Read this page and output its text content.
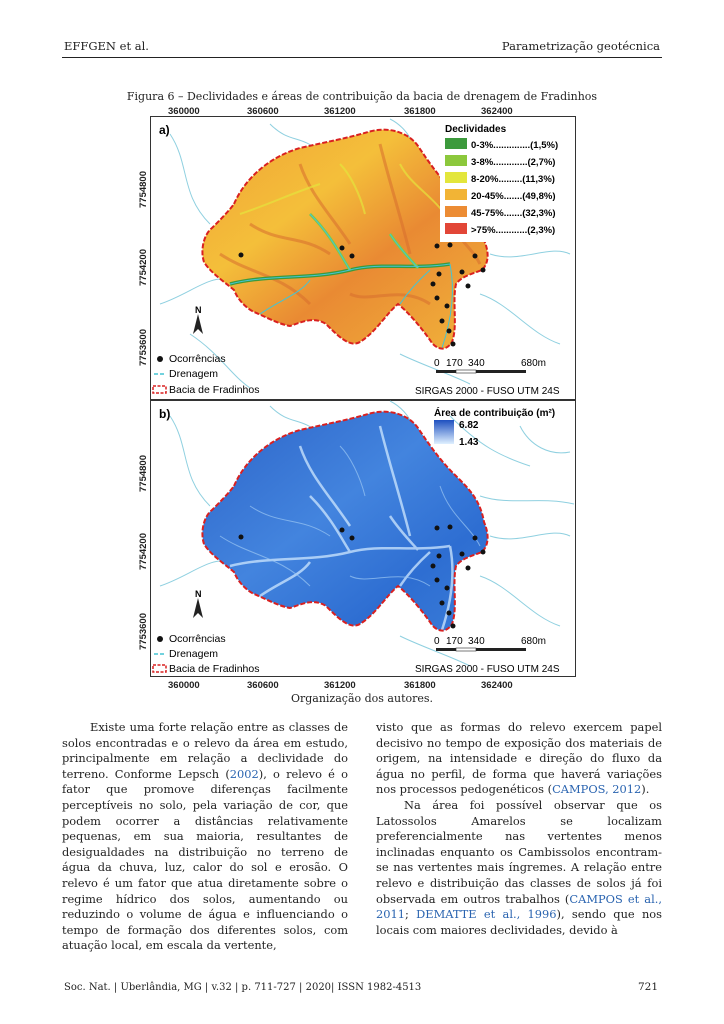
EFFGEN et al.	Parametrização geotécnica
Figura 6 – Declividades e áreas de contribuição da bacia de drenagem de Fradinhos
a)	Declividades
0-3%..............(1,5%)
3-8%.............(2,7%)
8-20%.........(11,3%)
20-45%.......(49,8%)
45-75%.......(32,3%)
>75%............(2,3%)
Ocorrências
Drenagem
Bacia de Fradinhos
N
0 170 340	680m
SIRGAS 2000 - FUSO UTM 24S
b)	Área de contribuição (m²)
6.82
1.43
Ocorrências
Drenagem
Bacia de Fradinhos
N
0 170 340	680m
SIRGAS 2000 - FUSO UTM 24S
360000	360600	361200	361800	362400
360000	360600	361200	361800	362400
7754800
7754200
7753600
7754800
7754200
7753600
Organização dos autores.

Existe uma forte relação entre as classes de solos encontradas e o relevo da área em estudo, principalmente em relação a declividade do terreno. Conforme Lepsch (2002), o relevo é o fator que promove diferenças facilmente perceptíveis no solo, pela variação de cor, que podem ocorrer a distâncias relativamente pequenas, em sua maioria, resultantes de desigualdades na distribuição no terreno de água da chuva, luz, calor do sol e erosão. O relevo é um fator que atua diretamente sobre o regime hídrico dos solos, aumentando ou reduzindo o volume de água e influenciando o tempo de formação dos diferentes solos, com atuação local, em escala da vertente,

visto que as formas do relevo exercem papel decisivo no tempo de exposição dos materiais de origem, na intensidade e direção do fluxo da água no perfil, de forma que haverá variações nos processos pedogenéticos (CAMPOS, 2012).

Na área foi possível observar que os Latossolos Amarelos se localizam preferencialmente nas vertentes menos inclinadas enquanto os Cambissolos encontram-se nas vertentes mais íngremes. A relação entre relevo e distribuição das classes de solos já foi observada em outros trabalhos (CAMPOS et al., 2011; DEMATTE et al., 1996), sendo que nos locais com maiores declividades, devido à

Soc. Nat. | Uberlândia, MG | v.32 | p. 711-727 | 2020| ISSN 1982-4513	721
